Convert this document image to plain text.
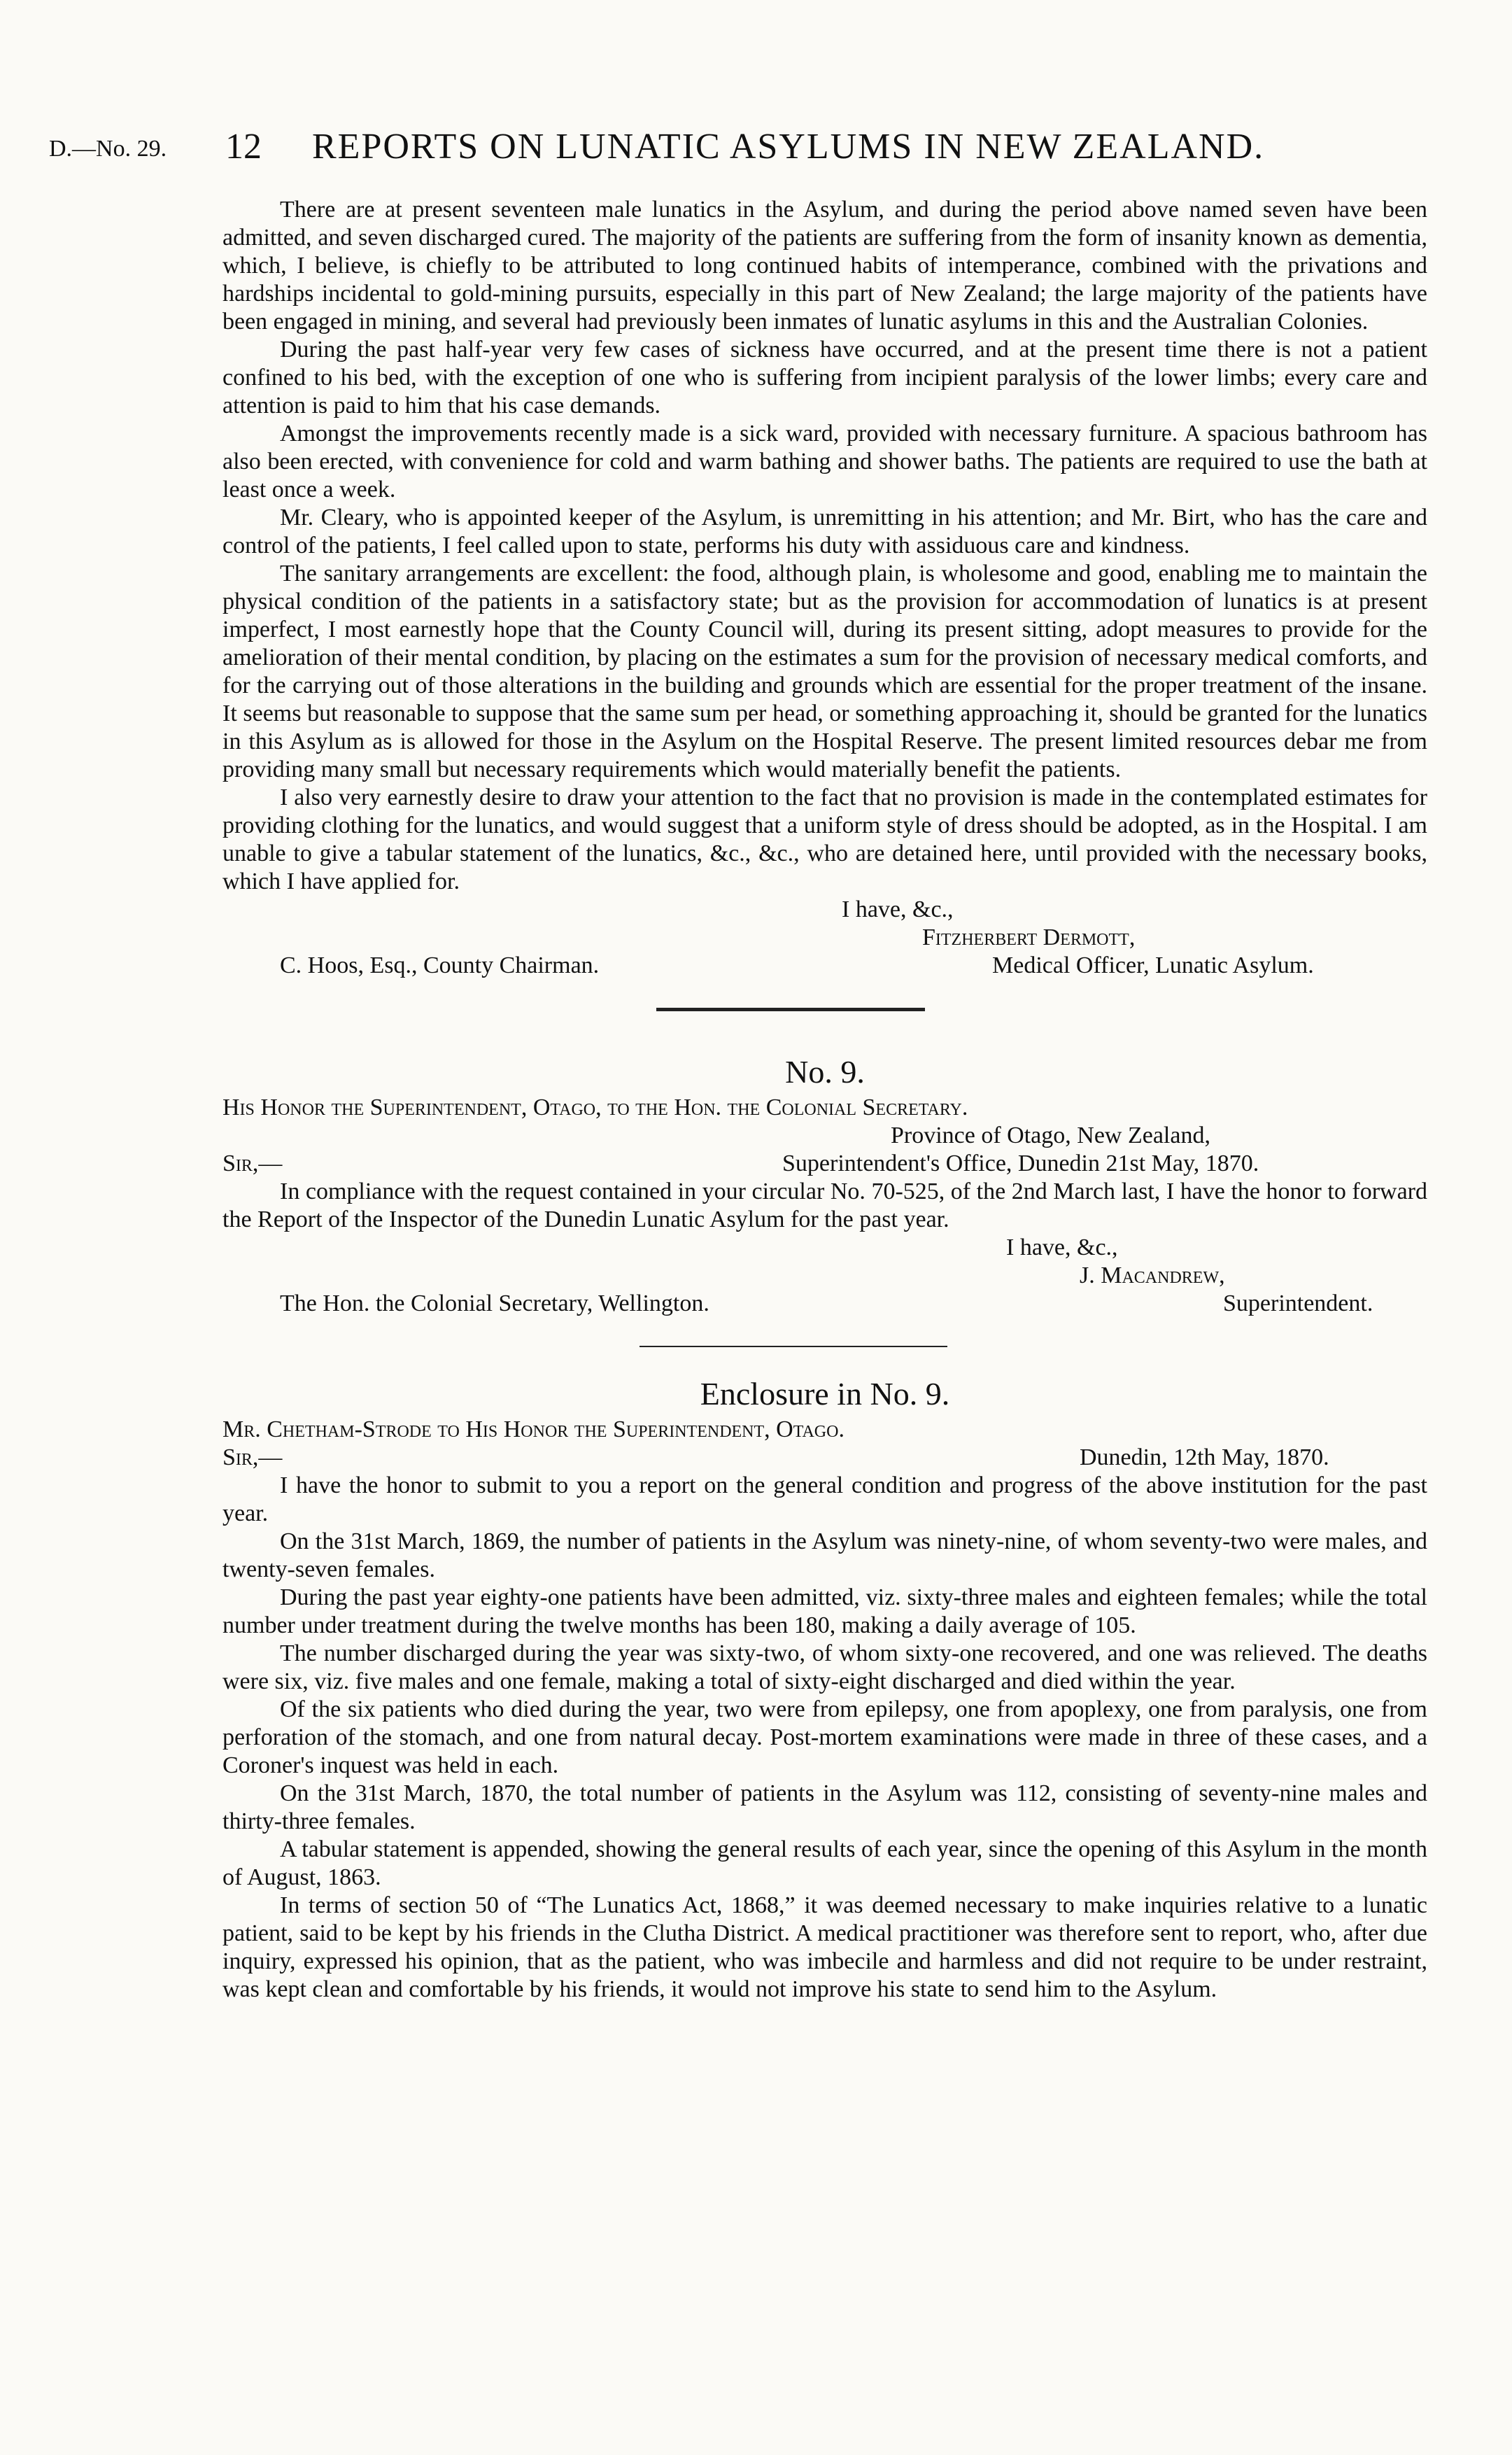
D.—No. 29. 12 REPORTS ON LUNATIC ASYLUMS IN NEW ZEALAND.

There are at present seventeen male lunatics in the Asylum, and during the period above named seven have been admitted, and seven discharged cured. The majority of the patients are suffering from the form of insanity known as dementia, which, I believe, is chiefly to be attributed to long continued habits of intemperance, combined with the privations and hardships incidental to gold-mining pursuits, especially in this part of New Zealand; the large majority of the patients have been engaged in mining, and several had previously been inmates of lunatic asylums in this and the Australian Colonies.

During the past half-year very few cases of sickness have occurred, and at the present time there is not a patient confined to his bed, with the exception of one who is suffering from incipient paralysis of the lower limbs; every care and attention is paid to him that his case demands.

Amongst the improvements recently made is a sick ward, provided with necessary furniture. A spacious bathroom has also been erected, with convenience for cold and warm bathing and shower baths. The patients are required to use the bath at least once a week.

Mr. Cleary, who is appointed keeper of the Asylum, is unremitting in his attention; and Mr. Birt, who has the care and control of the patients, I feel called upon to state, performs his duty with assiduous care and kindness.

The sanitary arrangements are excellent: the food, although plain, is wholesome and good, enabling me to maintain the physical condition of the patients in a satisfactory state; but as the provision for accommodation of lunatics is at present imperfect, I most earnestly hope that the County Council will, during its present sitting, adopt measures to provide for the amelioration of their mental condition, by placing on the estimates a sum for the provision of necessary medical comforts, and for the carrying out of those alterations in the building and grounds which are essential for the proper treatment of the insane. It seems but reasonable to suppose that the same sum per head, or something approaching it, should be granted for the lunatics in this Asylum as is allowed for those in the Asylum on the Hospital Reserve. The present limited resources debar me from providing many small but necessary requirements which would materially benefit the patients.

I also very earnestly desire to draw your attention to the fact that no provision is made in the contemplated estimates for providing clothing for the lunatics, and would suggest that a uniform style of dress should be adopted, as in the Hospital. I am unable to give a tabular statement of the lunatics, &c., &c., who are detained here, until provided with the necessary books, which I have applied for.

I have, &c.,
Fitzherbert Dermott,
C. Hoos, Esq., County Chairman.	Medical Officer, Lunatic Asylum.
No. 9.

His Honor the Superintendent, Otago, to the Hon. the Colonial Secretary.

Province of Otago, New Zealand,
Sir,—	Superintendent's Office, Dunedin 21st May, 1870.

In compliance with the request contained in your circular No. 70-525, of the 2nd March last, I have the honor to forward the Report of the Inspector of the Dunedin Lunatic Asylum for the past year.

I have, &c.,
J. Macandrew,
The Hon. the Colonial Secretary, Wellington.	Superintendent.
Enclosure in No. 9.

Mr. Chetham-Strode to His Honor the Superintendent, Otago.

Sir,—	Dunedin, 12th May, 1870.

I have the honor to submit to you a report on the general condition and progress of the above institution for the past year.

On the 31st March, 1869, the number of patients in the Asylum was ninety-nine, of whom seventy-two were males, and twenty-seven females.

During the past year eighty-one patients have been admitted, viz. sixty-three males and eighteen females; while the total number under treatment during the twelve months has been 180, making a daily average of 105.

The number discharged during the year was sixty-two, of whom sixty-one recovered, and one was relieved. The deaths were six, viz. five males and one female, making a total of sixty-eight discharged and died within the year.

Of the six patients who died during the year, two were from epilepsy, one from apoplexy, one from paralysis, one from perforation of the stomach, and one from natural decay. Post-mortem examinations were made in three of these cases, and a Coroner's inquest was held in each.

On the 31st March, 1870, the total number of patients in the Asylum was 112, consisting of seventy-nine males and thirty-three females.

A tabular statement is appended, showing the general results of each year, since the opening of this Asylum in the month of August, 1863.

In terms of section 50 of “The Lunatics Act, 1868,” it was deemed necessary to make inquiries relative to a lunatic patient, said to be kept by his friends in the Clutha District. A medical practitioner was therefore sent to report, who, after due inquiry, expressed his opinion, that as the patient, who was imbecile and harmless and did not require to be under restraint, was kept clean and comfortable by his friends, it would not improve his state to send him to the Asylum.
